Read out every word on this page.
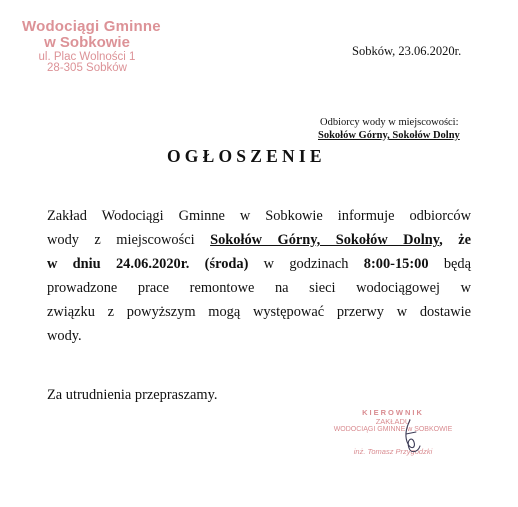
Wodociągi Gminne
w Sobkowie
ul. Plac Wolności 1
28-305 Sobków
Sobków, 23.06.2020r.
Odbiorcy wody w miejscowości:
Sokołów Górny, Sokołów Dolny
OGŁOSZENIE
Zakład Wodociągi Gminne w Sobkowie informuje odbiorców
wody z miejscowości Sokołów Górny, Sokołów Dolny, że
w dniu 24.06.2020r. (środa) w godzinach 8:00-15:00 będą
prowadzone prace remontowe na sieci wodociągowej w
związku z powyższym mogą występować przerwy w dostawie
wody.
Za utrudnienia przepraszamy.
KIEROWNIK
ZAKŁADU
WODOCIĄGI GMINNE w SOBKOWIE
inż. Tomasz Przygodzki
